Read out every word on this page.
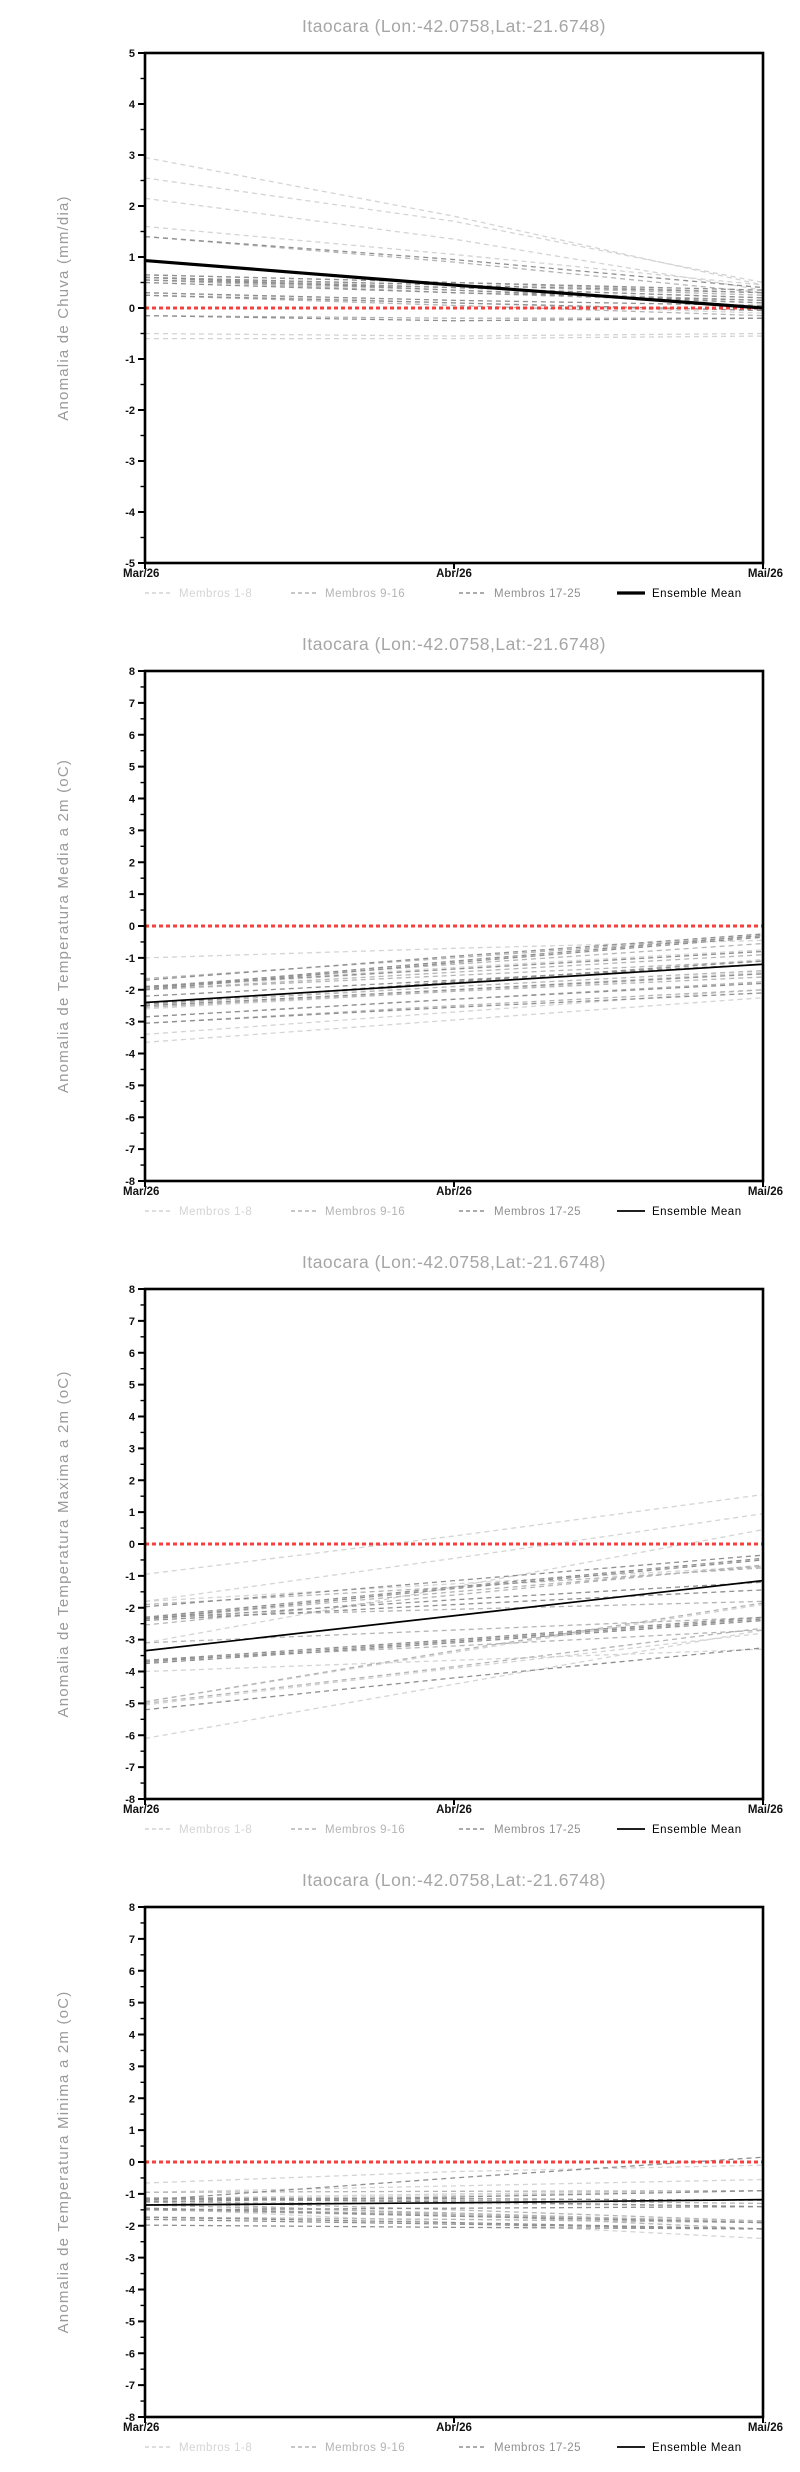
Itaocara (Lon:-42.0758,Lat:-21.6748)
Anomalia de Chuva (mm/dia)
-5
-4
-3
-2
-1
0
1
2
3
4
5
Mar/26	Abr/26	Mai/26
Membros 1-8	Membros 9-16	Membros 17-25	Ensemble Mean
Itaocara (Lon:-42.0758,Lat:-21.6748)
Anomalia de Temperatura Media a 2m (oC)
-8
-7
-6
-5
-4
-3
-2
-1
0
1
2
3
4
5
6
7
8
Mar/26	Abr/26	Mai/26
Membros 1-8	Membros 9-16	Membros 17-25	Ensemble Mean
Itaocara (Lon:-42.0758,Lat:-21.6748)
Anomalia de Temperatura Maxima a 2m (oC)
-8
-7
-6
-5
-4
-3
-2
-1
0
1
2
3
4
5
6
7
8
Mar/26	Abr/26	Mai/26
Membros 1-8	Membros 9-16	Membros 17-25	Ensemble Mean
Itaocara (Lon:-42.0758,Lat:-21.6748)
Anomalia de Temperatura Minima a 2m (oC)
-8
-7
-6
-5
-4
-3
-2
-1
0
1
2
3
4
5
6
7
8
Mar/26	Abr/26	Mai/26
Membros 1-8	Membros 9-16	Membros 17-25	Ensemble Mean
